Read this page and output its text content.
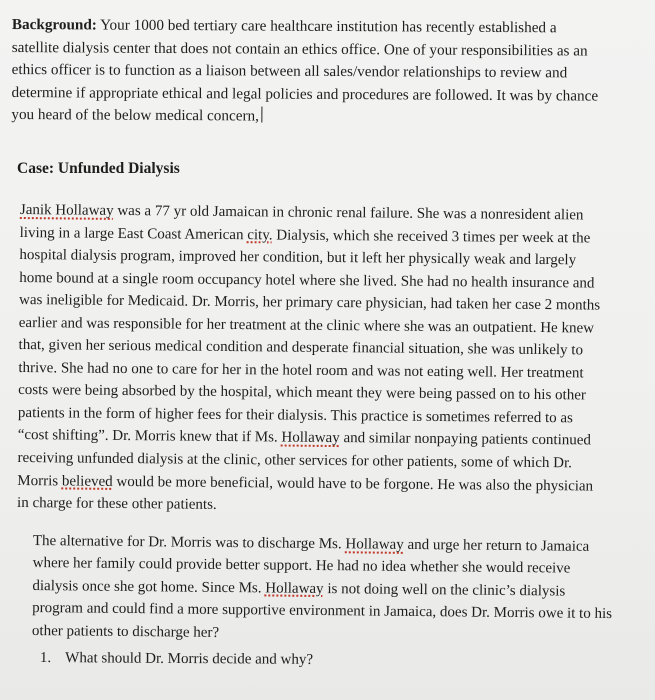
Background: Your 1000 bed tertiary care healthcare institution has recently established a
satellite dialysis center that does not contain an ethics office. One of your responsibilities as an
ethics officer is to function as a liaison between all sales/vendor relationships to review and
determine if appropriate ethical and legal policies and procedures are followed. It was by chance
you heard of the below medical concern,
Case: Unfunded Dialysis
Janik Hollaway was a 77 yr old Jamaican in chronic renal failure. She was a nonresident alien
living in a large East Coast American city. Dialysis, which she received 3 times per week at the
hospital dialysis program, improved her condition, but it left her physically weak and largely
home bound at a single room occupancy hotel where she lived. She had no health insurance and
was ineligible for Medicaid. Dr. Morris, her primary care physician, had taken her case 2 months
earlier and was responsible for her treatment at the clinic where she was an outpatient. He knew
that, given her serious medical condition and desperate financial situation, she was unlikely to
thrive. She had no one to care for her in the hotel room and was not eating well. Her treatment
costs were being absorbed by the hospital, which meant they were being passed on to his other
patients in the form of higher fees for their dialysis. This practice is sometimes referred to as
“cost shifting”. Dr. Morris knew that if Ms. Hollaway and similar nonpaying patients continued
receiving unfunded dialysis at the clinic, other services for other patients, some of which Dr.
Morris believed would be more beneficial, would have to be forgone. He was also the physician
in charge for these other patients.
The alternative for Dr. Morris was to discharge Ms. Hollaway and urge her return to Jamaica
where her family could provide better support. He had no idea whether she would receive
dialysis once she got home. Since Ms. Hollaway is not doing well on the clinic’s dialysis
program and could find a more supportive environment in Jamaica, does Dr. Morris owe it to his
other patients to discharge her?
1. What should Dr. Morris decide and why?
